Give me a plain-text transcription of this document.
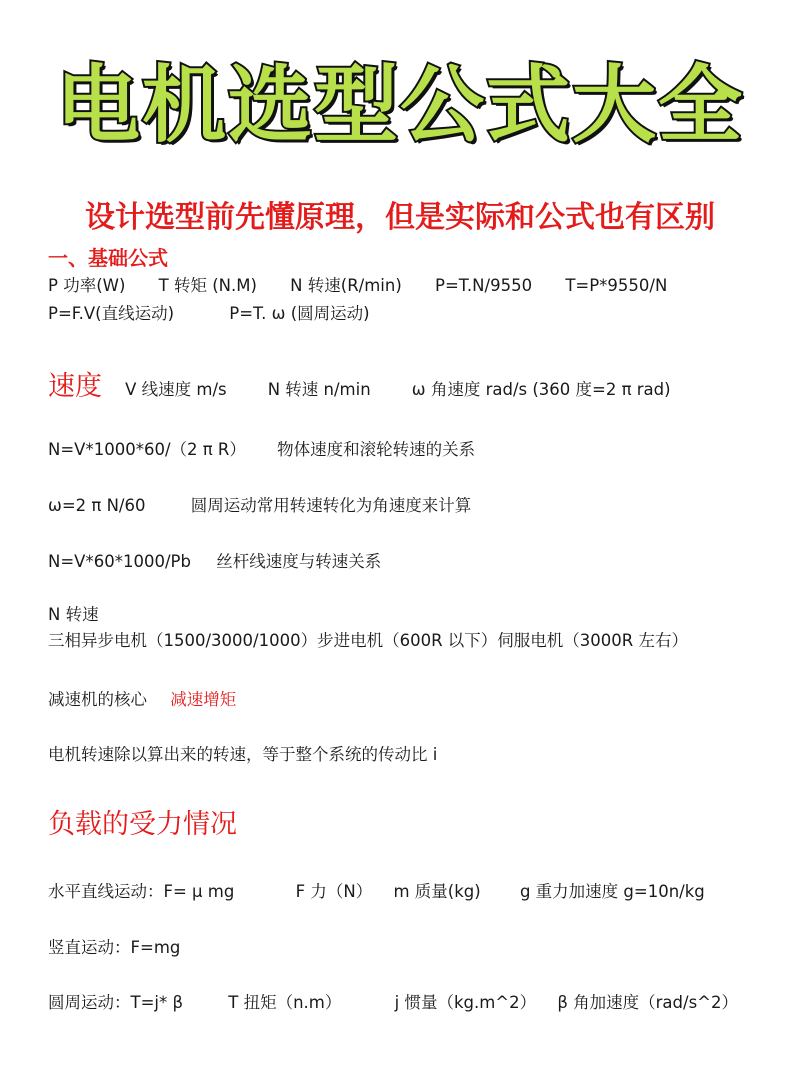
电机选型公式大全
设计选型前先懂原理，但是实际和公式也有区别
一、基础公式
P 功率(W) T 转矩 (N.M) N 转速(R/min) P=T.N/9550 T=P*9550/N
P=F.V(直线运动)	P=T. ω (圆周运动)
速度 V 线速度 m/s N 转速 n/min ω 角速度 rad/s (360 度=2 π rad)
N=V*1000*60/（2 π R） 物体速度和滚轮转速的关系
ω=2 π N/60	圆周运动常用转速转化为角速度来计算
N=V*60*1000/Pb 丝杆线速度与转速关系
N 转速三相异步电机（1500/3000/1000）步进电机（600R 以下）伺服电机（3000R 左右）
减速机的核心 减速增矩
电机转速除以算出来的转速，等于整个系统的传动比 i
负载的受力情况
水平直线运动：F= μ mg	F 力（N） m 质量(kg) g 重力加速度 g=10n/kg
竖直运动：F=mg
圆周运动：T=j* β	T 扭矩（n.m）	j 惯量（kg.m^2） β 角加速度（rad/s^2）
